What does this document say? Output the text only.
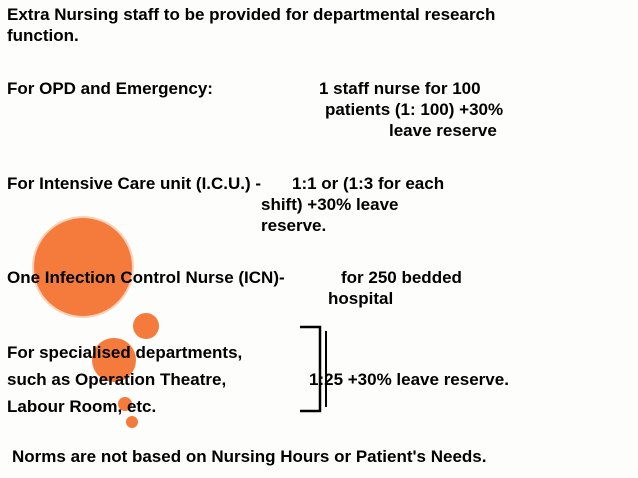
Extra Nursing staff to be provided for departmental research
function.
For OPD and Emergency:	1 staff nurse for 100
patients (1: 100) +30%
leave reserve
For Intensive Care unit (I.C.U.) - 1:1 or (1:3 for each
shift) +30% leave
reserve.
One Infection Control Nurse (ICN)-	for 250 bedded
hospital
For specialised departments,
such as Operation Theatre,
Labour Room, etc.
1:25 +30% leave reserve.
Norms are not based on Nursing Hours or Patient's Needs.
